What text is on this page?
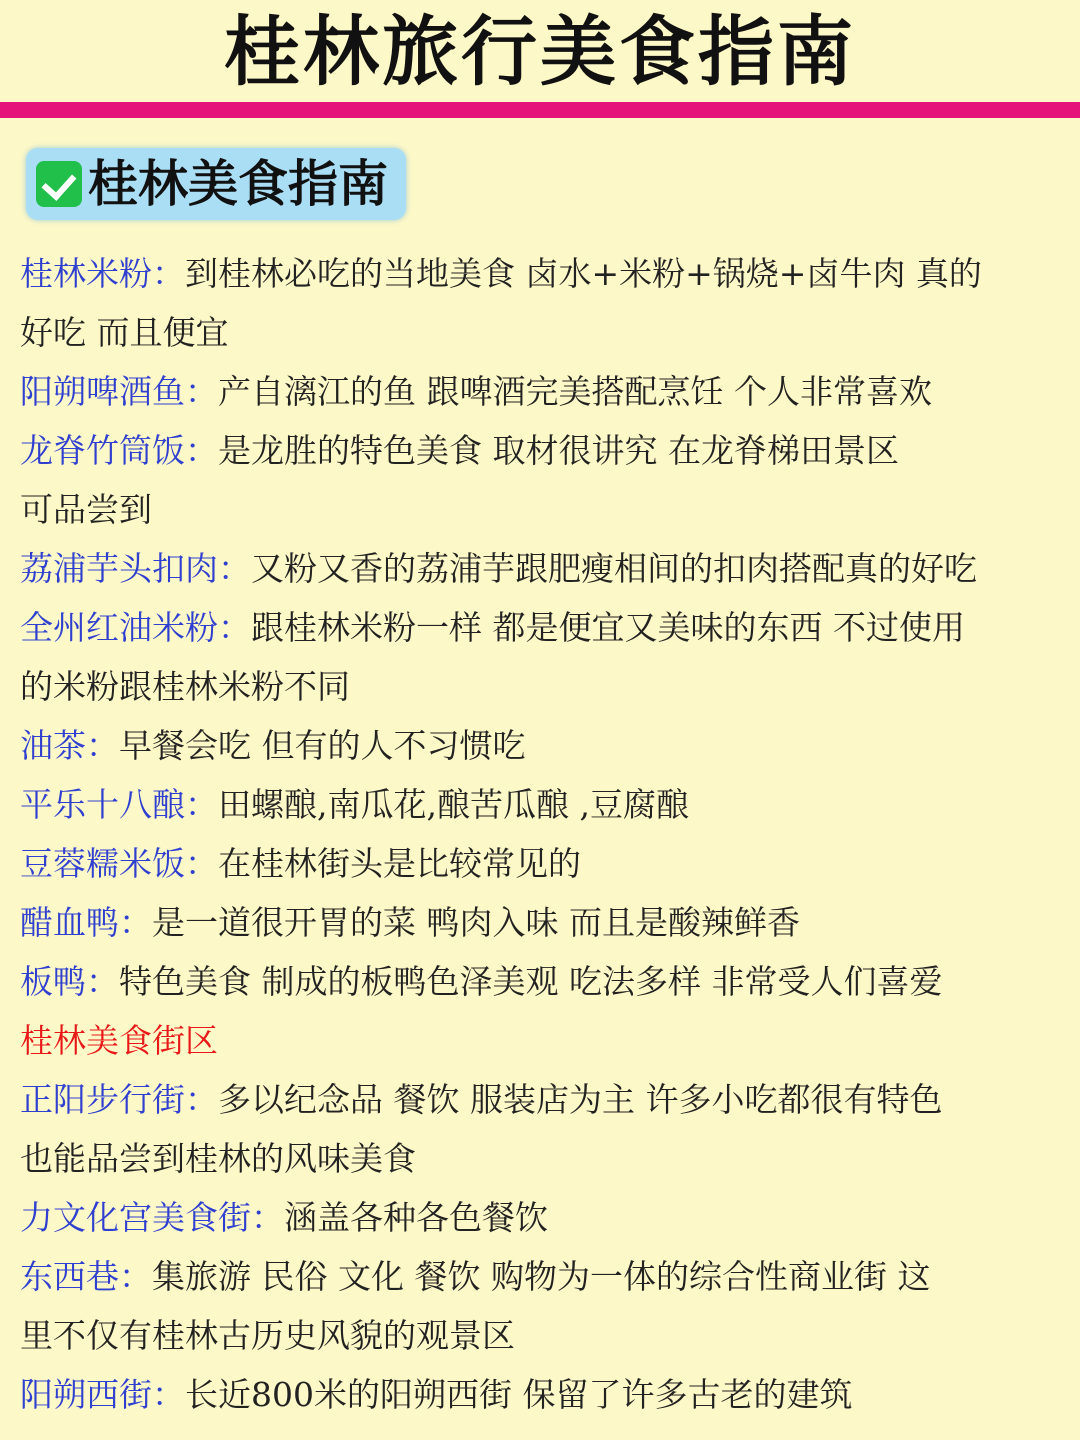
桂林旅行美食指南
桂林美食指南
桂林米粉：到桂林必吃的当地美食 卤水+米粉+锅烧+卤牛肉 真的
好吃 而且便宜
阳朔啤酒鱼：产自漓江的鱼 跟啤酒完美搭配烹饪 个人非常喜欢
龙脊竹筒饭：是龙胜的特色美食 取材很讲究 在龙脊梯田景区
可品尝到
荔浦芋头扣肉：又粉又香的荔浦芋跟肥瘦相间的扣肉搭配真的好吃
全州红油米粉：跟桂林米粉一样 都是便宜又美味的东西 不过使用
的米粉跟桂林米粉不同
油茶：早餐会吃 但有的人不习惯吃
平乐十八酿：田螺酿,南瓜花,酿苦瓜酿 ,豆腐酿
豆蓉糯米饭：在桂林街头是比较常见的
醋血鸭：是一道很开胃的菜 鸭肉入味 而且是酸辣鲜香
板鸭：特色美食 制成的板鸭色泽美观 吃法多样 非常受人们喜爱
桂林美食街区
正阳步行街：多以纪念品 餐饮 服装店为主 许多小吃都很有特色
也能品尝到桂林的风味美食
力文化宫美食街：涵盖各种各色餐饮
东西巷：集旅游 民俗 文化 餐饮 购物为一体的综合性商业街 这
里不仅有桂林古历史风貌的观景区
阳朔西街：长近800米的阳朔西街 保留了许多古老的建筑
